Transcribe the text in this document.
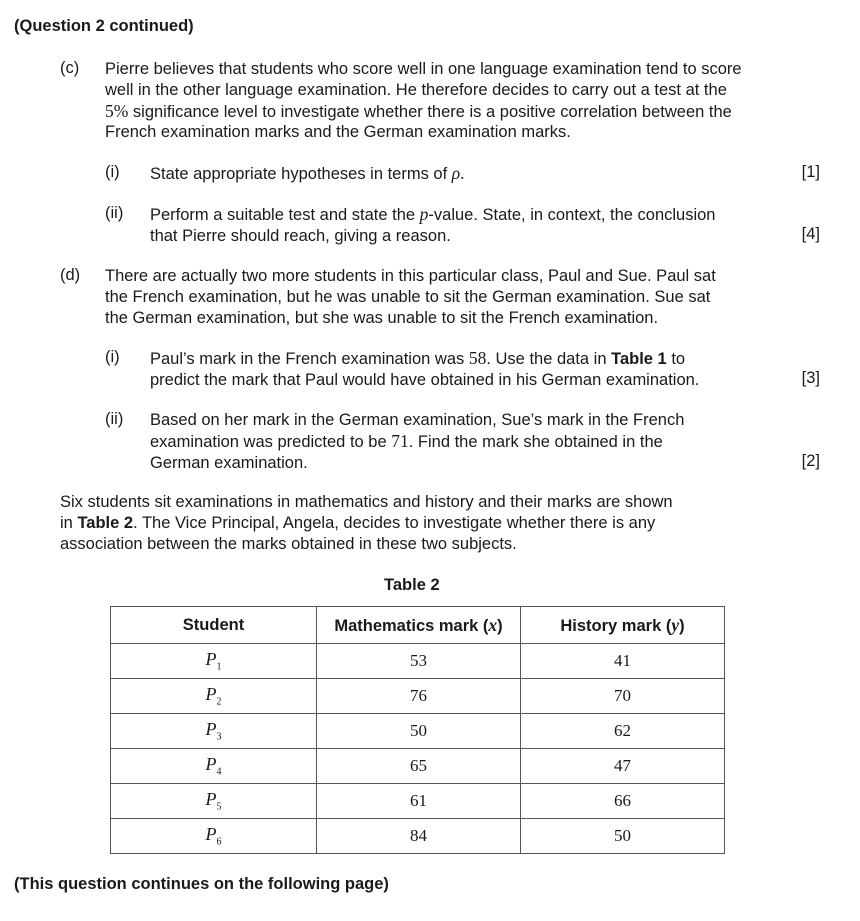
(Question 2 continued)
(c) Pierre believes that students who score well in one language examination tend to score
well in the other language examination. He therefore decides to carry out a test at the
5% significance level to investigate whether there is a positive correlation between the
French examination marks and the German examination marks.
(i) State appropriate hypotheses in terms of ρ.	[1]
(ii) Perform a suitable test and state the p-value. State, in context, the conclusion
that Pierre should reach, giving a reason.	[4]
(d) There are actually two more students in this particular class, Paul and Sue. Paul sat
the French examination, but he was unable to sit the German examination. Sue sat
the German examination, but she was unable to sit the French examination.
(i) Paul’s mark in the French examination was 58. Use the data in Table 1 to
predict the mark that Paul would have obtained in his German examination.	[3]
(ii) Based on her mark in the German examination, Sue’s mark in the French
examination was predicted to be 71. Find the mark she obtained in the
German examination.	[2]
Six students sit examinations in mathematics and history and their marks are shown
in Table 2. The Vice Principal, Angela, decides to investigate whether there is any
association between the marks obtained in these two subjects.
Table 2
Student	Mathematics mark (x)	History mark (y)
$P_1$	53	41
$P_2$	76	70
$P_3$	50	62
$P_4$	65	47
$P_5$	61	66
$P_6$	84	50
(This question continues on the following page)
